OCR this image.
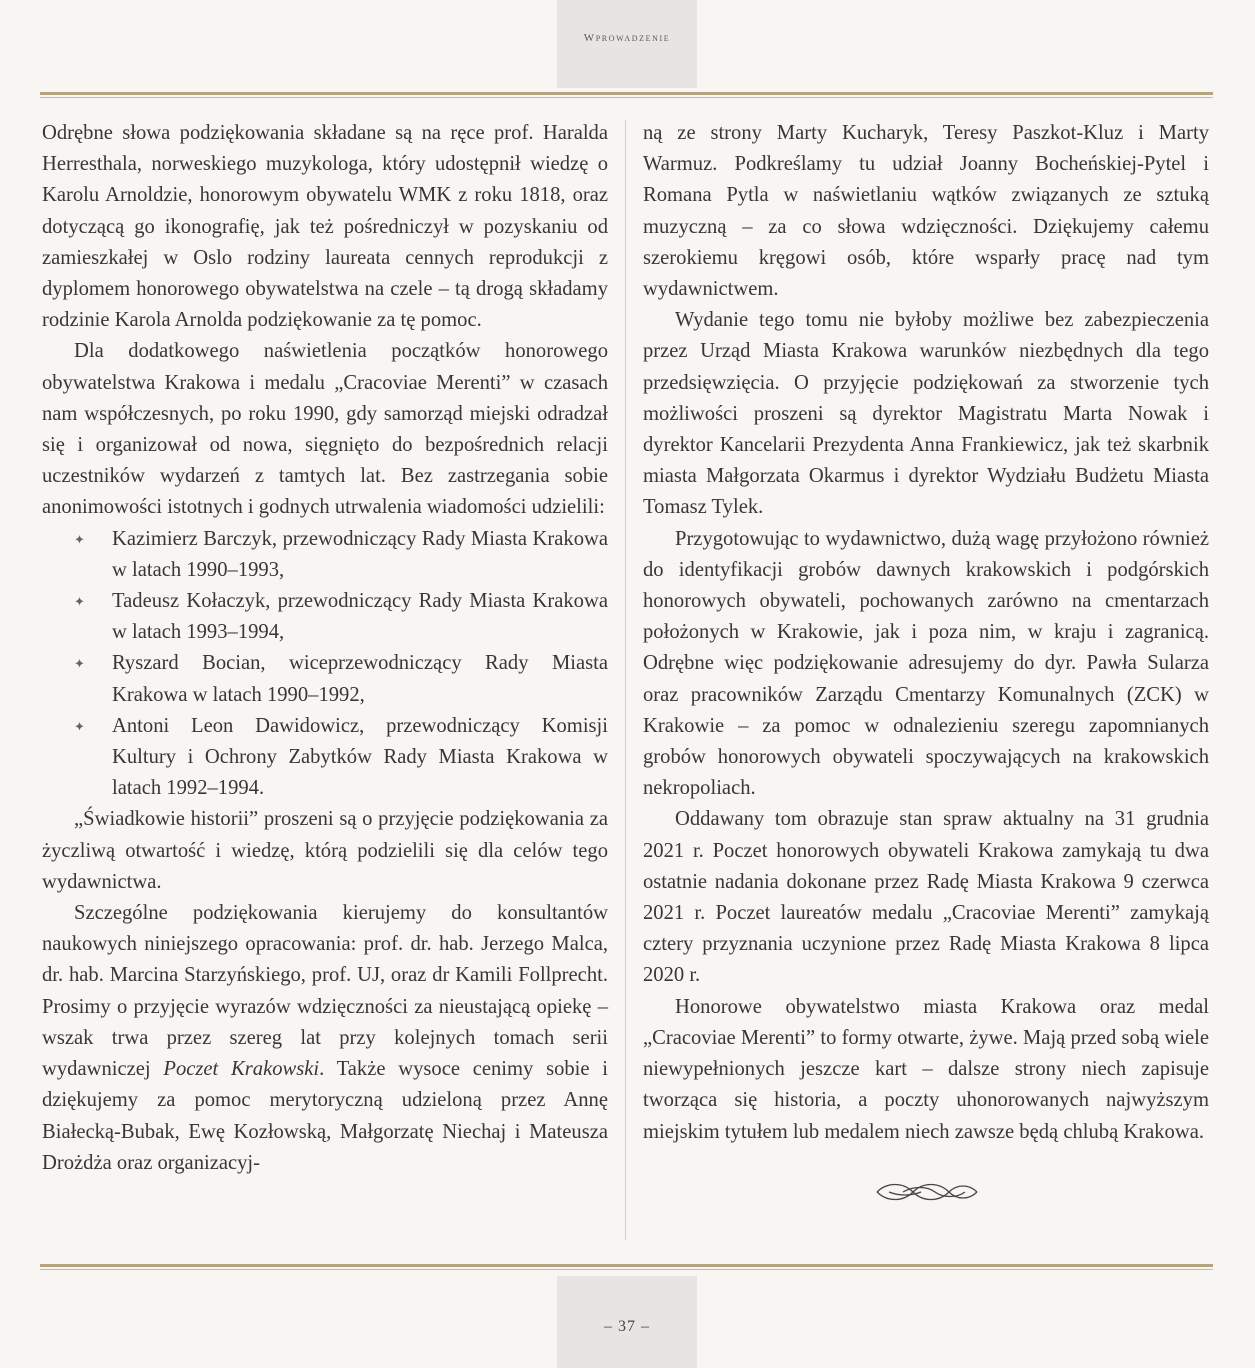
Wprowadzenie

Odrębne słowa podziękowania składane są na ręce prof. Haralda Herresthala, norweskiego muzykologa, który udostępnił wiedzę o Karolu Arnoldzie, honorowym obywatelu WMK z roku 1818, oraz dotyczącą go ikonografię, jak też pośredniczył w pozyskaniu od zamieszkałej w Oslo rodziny laureata cennych reprodukcji z dyplomem honorowego obywatelstwa na czele – tą drogą składamy rodzinie Karola Arnolda podziękowanie za tę pomoc.

Dla dodatkowego naświetlenia początków honorowego obywatelstwa Krakowa i medalu „Cracoviae Merenti” w czasach nam współczesnych, po roku 1990, gdy samorząd miejski odradzał się i organizował od nowa, sięgnięto do bezpośrednich relacji uczestników wydarzeń z tamtych lat. Bez zastrzegania sobie anonimowości istotnych i godnych utrwalenia wiadomości udzielili:

✦ Kazimierz Barczyk, przewodniczący Rady Miasta Krakowa w latach 1990–1993,
✦ Tadeusz Kołaczyk, przewodniczący Rady Miasta Krakowa w latach 1993–1994,
✦ Ryszard Bocian, wiceprzewodniczący Rady Miasta Krakowa w latach 1990–1992,
✦ Antoni Leon Dawidowicz, przewodniczący Komisji Kultury i Ochrony Zabytków Rady Miasta Krakowa w latach 1992–1994.

„Świadkowie historii” proszeni są o przyjęcie podziękowania za życzliwą otwartość i wiedzę, którą podzielili się dla celów tego wydawnictwa.

Szczególne podziękowania kierujemy do konsultantów naukowych niniejszego opracowania: prof. dr. hab. Jerzego Malca, dr. hab. Marcina Starzyńskiego, prof. UJ, oraz dr Kamili Follprecht. Prosimy o przyjęcie wyrazów wdzięczności za nieustającą opiekę – wszak trwa przez szereg lat przy kolejnych tomach serii wydawniczej Poczet Krakowski. Także wysoce cenimy sobie i dziękujemy za pomoc merytoryczną udzieloną przez Annę Białecką-Bubak, Ewę Kozłowską, Małgorzatę Niechaj i Mateusza Drożdża oraz organizacyj-

ną ze strony Marty Kucharyk, Teresy Paszkot-Kluz i Marty Warmuz. Podkreślamy tu udział Joanny Bocheńskiej-Pytel i Romana Pytla w naświetlaniu wątków związanych ze sztuką muzyczną – za co słowa wdzięczności. Dziękujemy całemu szerokiemu kręgowi osób, które wsparły pracę nad tym wydawnictwem.

Wydanie tego tomu nie byłoby możliwe bez zabezpieczenia przez Urząd Miasta Krakowa warunków niezbędnych dla tego przedsięwzięcia. O przyjęcie podziękowań za stworzenie tych możliwości proszeni są dyrektor Magistratu Marta Nowak i dyrektor Kancelarii Prezydenta Anna Frankiewicz, jak też skarbnik miasta Małgorzata Okarmus i dyrektor Wydziału Budżetu Miasta Tomasz Tylek.

Przygotowując to wydawnictwo, dużą wagę przyłożono również do identyfikacji grobów dawnych krakowskich i podgórskich honorowych obywateli, pochowanych zarówno na cmentarzach położonych w Krakowie, jak i poza nim, w kraju i zagranicą. Odrębne więc podziękowanie adresujemy do dyr. Pawła Sularza oraz pracowników Zarządu Cmentarzy Komunalnych (ZCK) w Krakowie – za pomoc w odnalezieniu szeregu zapomnianych grobów honorowych obywateli spoczywających na krakowskich nekropoliach.

Oddawany tom obrazuje stan spraw aktualny na 31 grudnia 2021 r. Poczet honorowych obywateli Krakowa zamykają tu dwa ostatnie nadania dokonane przez Radę Miasta Krakowa 9 czerwca 2021 r. Poczet laureatów medalu „Cracoviae Merenti” zamykają cztery przyznania uczynione przez Radę Miasta Krakowa 8 lipca 2020 r.

Honorowe obywatelstwo miasta Krakowa oraz medal „Cracoviae Merenti” to formy otwarte, żywe. Mają przed sobą wiele niewypełnionych jeszcze kart – dalsze strony niech zapisuje tworząca się historia, a poczty uhonorowanych najwyższym miejskim tytułem lub medalem niech zawsze będą chlubą Krakowa.

– 37 –
